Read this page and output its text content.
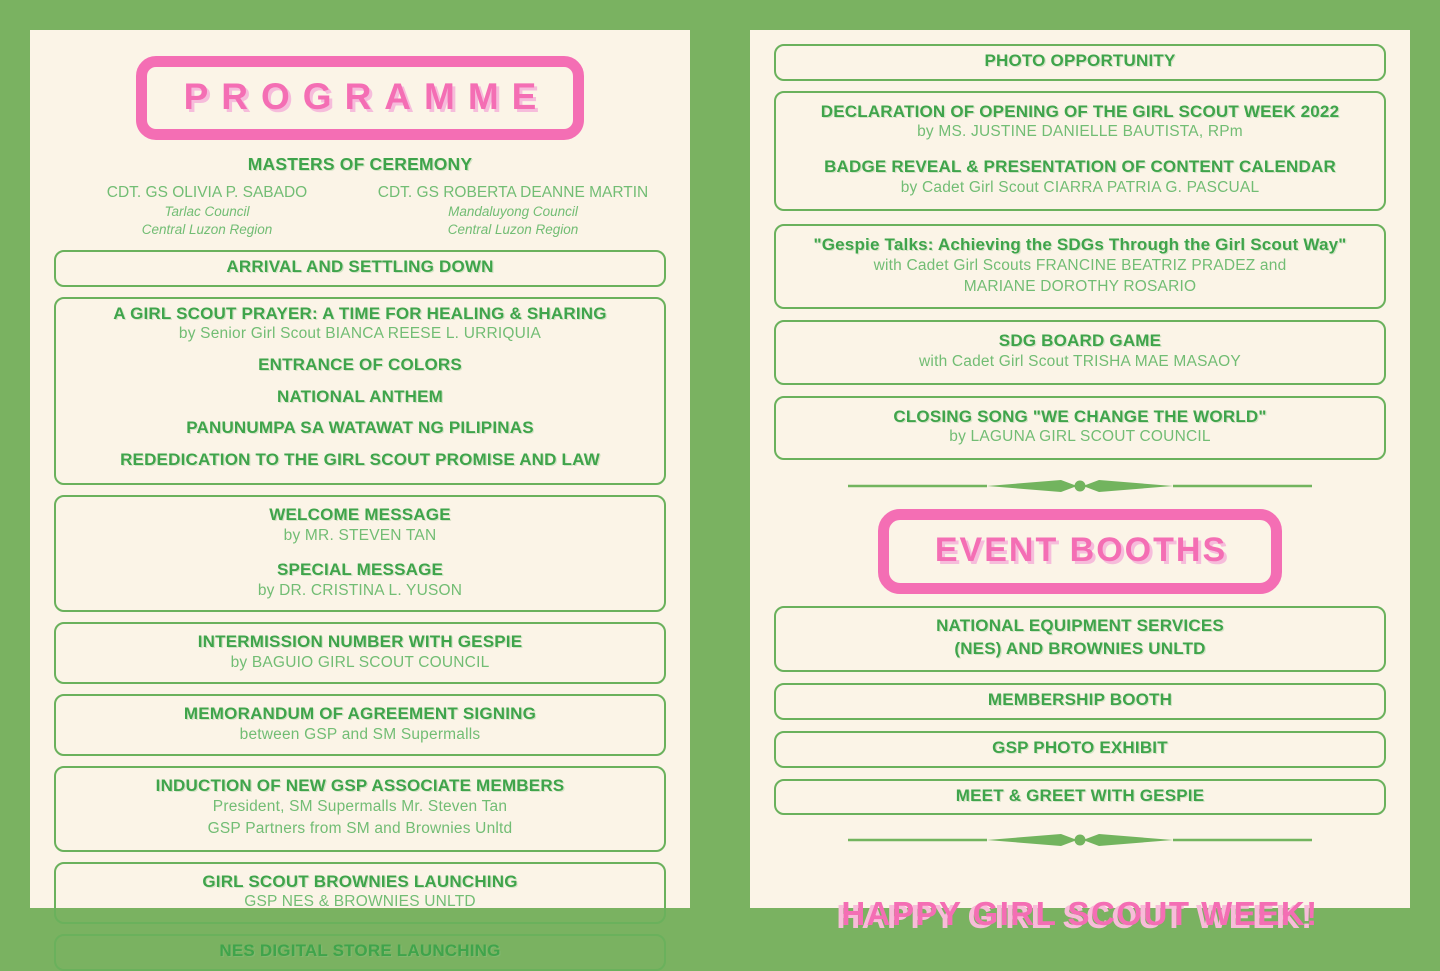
PROGRAMME
MASTERS OF CEREMONY
CDT. GS OLIVIA P. SABADO
Tarlac Council
Central Luzon Region
CDT. GS ROBERTA DEANNE MARTIN
Mandaluyong Council
Central Luzon Region
ARRIVAL AND SETTLING DOWN
A GIRL SCOUT PRAYER: A TIME FOR HEALING & SHARING
by Senior Girl Scout BIANCA REESE L. URRIQUIA
ENTRANCE OF COLORS
NATIONAL ANTHEM
PANUNUMPA SA WATAWAT NG PILIPINAS
REDEDICATION TO THE GIRL SCOUT PROMISE AND LAW
WELCOME MESSAGE
by MR. STEVEN TAN
SPECIAL MESSAGE
by DR. CRISTINA L. YUSON
INTERMISSION NUMBER WITH GESPIE
by BAGUIO GIRL SCOUT COUNCIL
MEMORANDUM OF AGREEMENT SIGNING
between GSP and SM Supermalls
INDUCTION OF NEW GSP ASSOCIATE MEMBERS
President, SM Supermalls Mr. Steven Tan
GSP Partners from SM and Brownies Unltd
GIRL SCOUT BROWNIES LAUNCHING
GSP NES & BROWNIES UNLTD
NES DIGITAL STORE LAUNCHING
PHOTO OPPORTUNITY
DECLARATION OF OPENING OF THE GIRL SCOUT WEEK 2022
by MS. JUSTINE DANIELLE BAUTISTA, RPm
BADGE REVEAL & PRESENTATION OF CONTENT CALENDAR
by Cadet Girl Scout CIARRA PATRIA G. PASCUAL
"Gespie Talks: Achieving the SDGs Through the Girl Scout Way"
with Cadet Girl Scouts FRANCINE BEATRIZ PRADEZ and
MARIANE DOROTHY ROSARIO
SDG BOARD GAME
with Cadet Girl Scout TRISHA MAE MASAOY
CLOSING SONG "WE CHANGE THE WORLD"
by LAGUNA GIRL SCOUT COUNCIL
EVENT BOOTHS
NATIONAL EQUIPMENT SERVICES
(NES) AND BROWNIES UNLTD
MEMBERSHIP BOOTH
GSP PHOTO EXHIBIT
MEET & GREET WITH GESPIE
HAPPY GIRL SCOUT WEEK!
